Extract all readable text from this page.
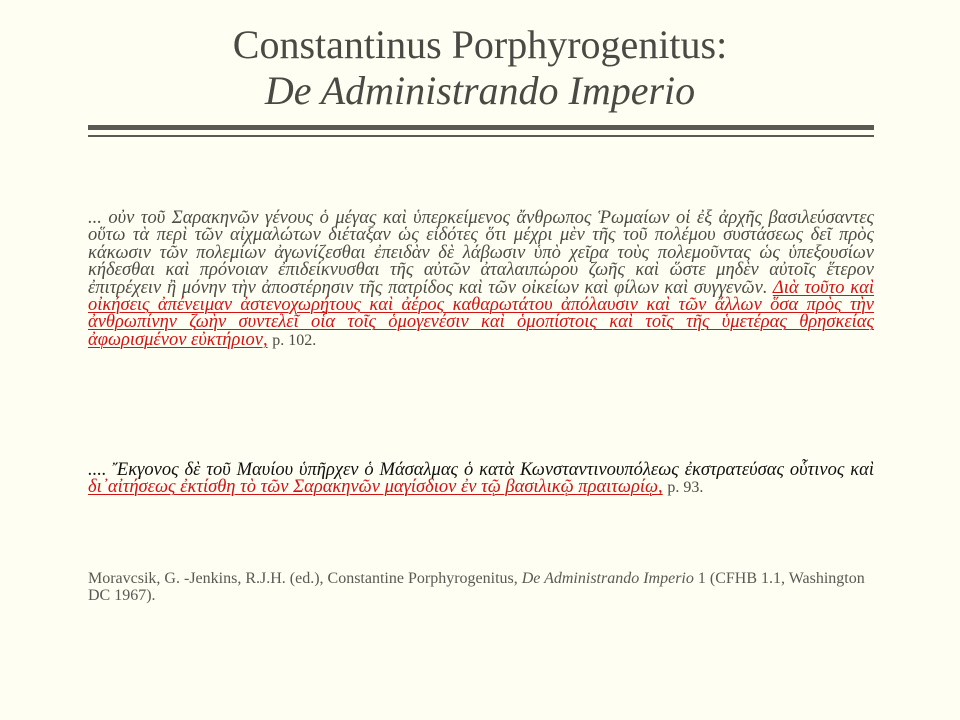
Constantinus Porphyrogenitus:
De Administrando Imperio
... οὐν τοῦ Σαρακηνῶν γένους ὁ μέγας καὶ ὑπερκείμενος ἄνθρωπος Ῥωμαίων οἱ ἐξ ἀρχῆς βασιλεύσαντες οὕτω τὰ περὶ τῶν αἰχμαλώτων διέταξαν ὡς εἰδότες ὅτι μέχρι μὲν τῆς τοῦ πολέμου συστάσεως δεῖ πρὸς κάκωσιν τῶν πολεμίων ἀγωνίζεσθαι ἐπειδὰν δὲ λάβωσιν ὑπὸ χεῖρα τοὺς πολεμοῦντας ὡς ὑπεξουσίων κήδεσθαι καὶ πρόνοιαν ἐπιδείκνυσθαι τῆς αὐτῶν ἀταλαιπώρου ζωῆς καὶ ὥστε μηδὲν αὐτοῖς ἕτερον ἐπιτρέχειν ἢ μόνην τὴν ἀποστέρησιν τῆς πατρίδος καὶ τῶν οἰκείων καὶ φίλων καὶ συγγενῶν. Διὰ τοῦτο καὶ οἰκήσεις ἀπένειμαν ἀστενοχωρήτους καὶ ἀέρος καθαρωτάτου ἀπόλαυσιν καὶ τῶν ἄλλων ὅσα πρὸς τὴν ἀνθρωπίνην ζωὴν συντελεῖ οἷα τοῖς ὁμογενέσιν καὶ ὁμοπίστοις καὶ τοῖς τῆς ὑμετέρας θρησκείας ἀφωρισμένον εὐκτήριον, p. 102.
.... Ἔκγονος δὲ τοῦ Μαυίου ὑπῆρχεν ὁ Μάσαλμας ὁ κατὰ Κωνσταντινουπόλεως ἐκστρατεύσας οὗτινος καὶ δι᾽αἰτήσεως ἐκτίσθη τὸ τῶν Σαρακηνῶν μαγίσδιον ἐν τῷ βασιλικῷ πραιτωρίῳ, p. 93.
Moravcsik, G. -Jenkins, R.J.H. (ed.), Constantine Porphyrogenitus, De Administrando Imperio 1 (CFHB 1.1, Washington DC 1967).
